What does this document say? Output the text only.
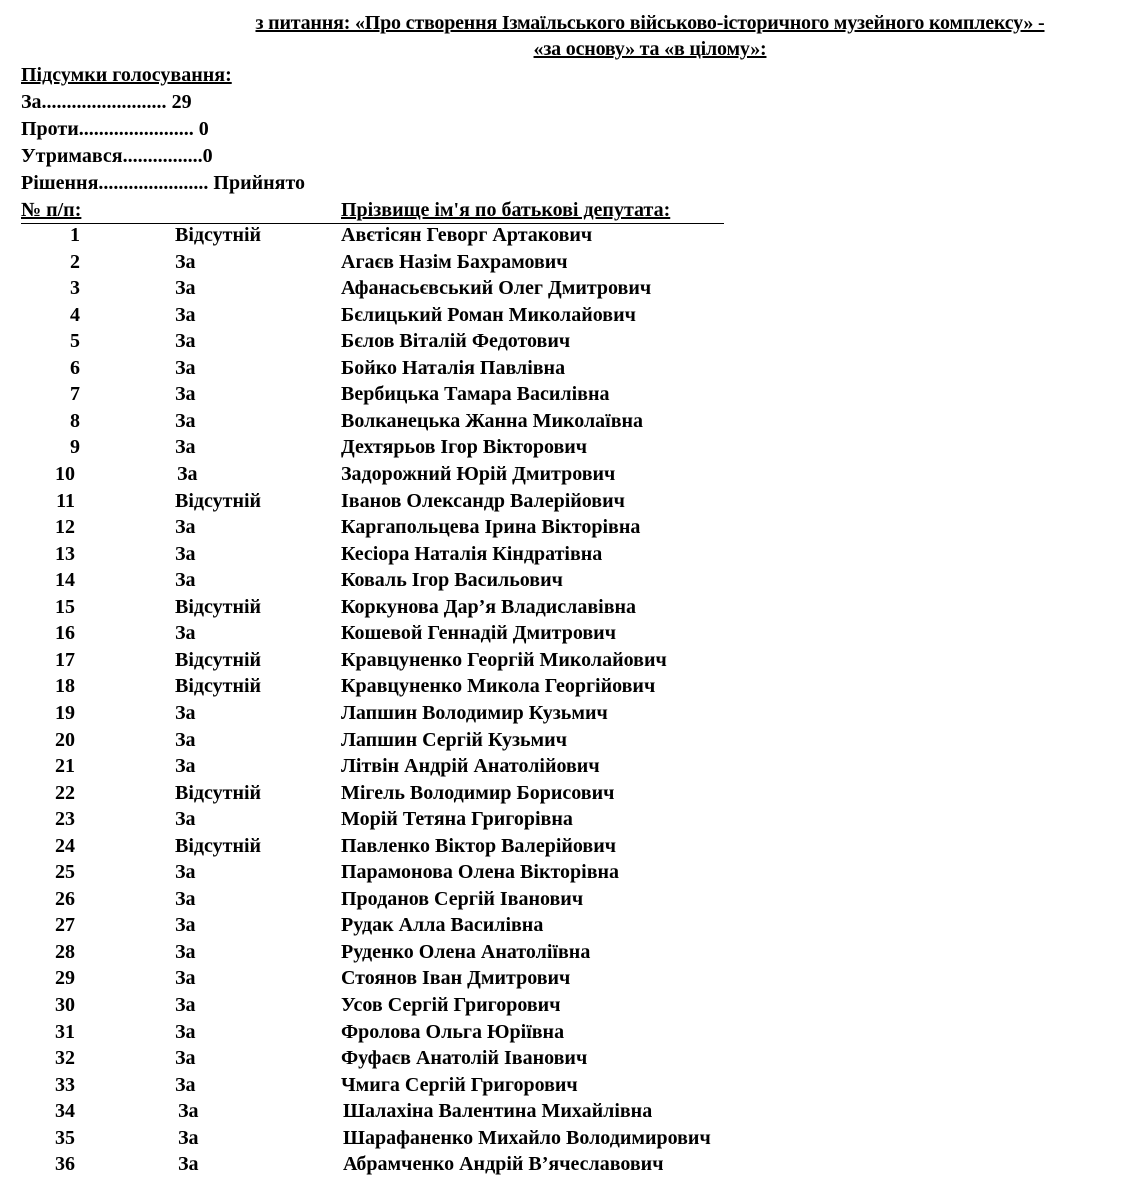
з питання: «Про створення Ізмаїльського військово-історичного музейного комплексу» -
«за основу» та «в цілому»:
Підсумки голосування:
За......................... 29
Проти....................... 0
Утримався................0
Рішення...................... Прийнято
№ п/п:	Прізвище ім'я по батькові депутата:
1	Відсутній	Авєтісян Геворг Артакович
2	За	Агаєв Назім Бахрамович
3	За	Афанасьєвський Олег Дмитрович
4	За	Бєлицький Роман Миколайович
5	За	Бєлов Віталій Федотович
6	За	Бойко Наталія Павлівна
7	За	Вербицька Тамара Василівна
8	За	Волканецька Жанна Миколаївна
9	За	Дехтярьов Ігор Вікторович
10	За	Задорожний Юрій Дмитрович
11	Відсутній	Іванов Олександр Валерійович
12	За	Каргапольцева Ірина Вікторівна
13	За	Кесіора Наталія Кіндратівна
14	За	Коваль Ігор Васильович
15	Відсутній	Коркунова Дар’я Владиславівна
16	За	Кошевой Геннадій Дмитрович
17	Відсутній	Кравцуненко Георгій Миколайович
18	Відсутній	Кравцуненко Микола Георгійович
19	За	Лапшин Володимир Кузьмич
20	За	Лапшин Сергій Кузьмич
21	За	Літвін Андрій Анатолійович
22	Відсутній	Мігель Володимир Борисович
23	За	Морій Тетяна Григорівна
24	Відсутній	Павленко Віктор Валерійович
25	За	Парамонова Олена Вікторівна
26	За	Проданов Сергій Іванович
27	За	Рудак Алла Василівна
28	За	Руденко Олена Анатоліївна
29	За	Стоянов Іван Дмитрович
30	За	Усов Сергій Григорович
31	За	Фролова Ольга Юріївна
32	За	Фуфаєв Анатолій Іванович
33	За	Чмига Сергій Григорович
34	За	Шалахіна Валентина Михайлівна
35	За	Шарафаненко Михайло Володимирович
36	За	Абрамченко Андрій В’ячеславович
